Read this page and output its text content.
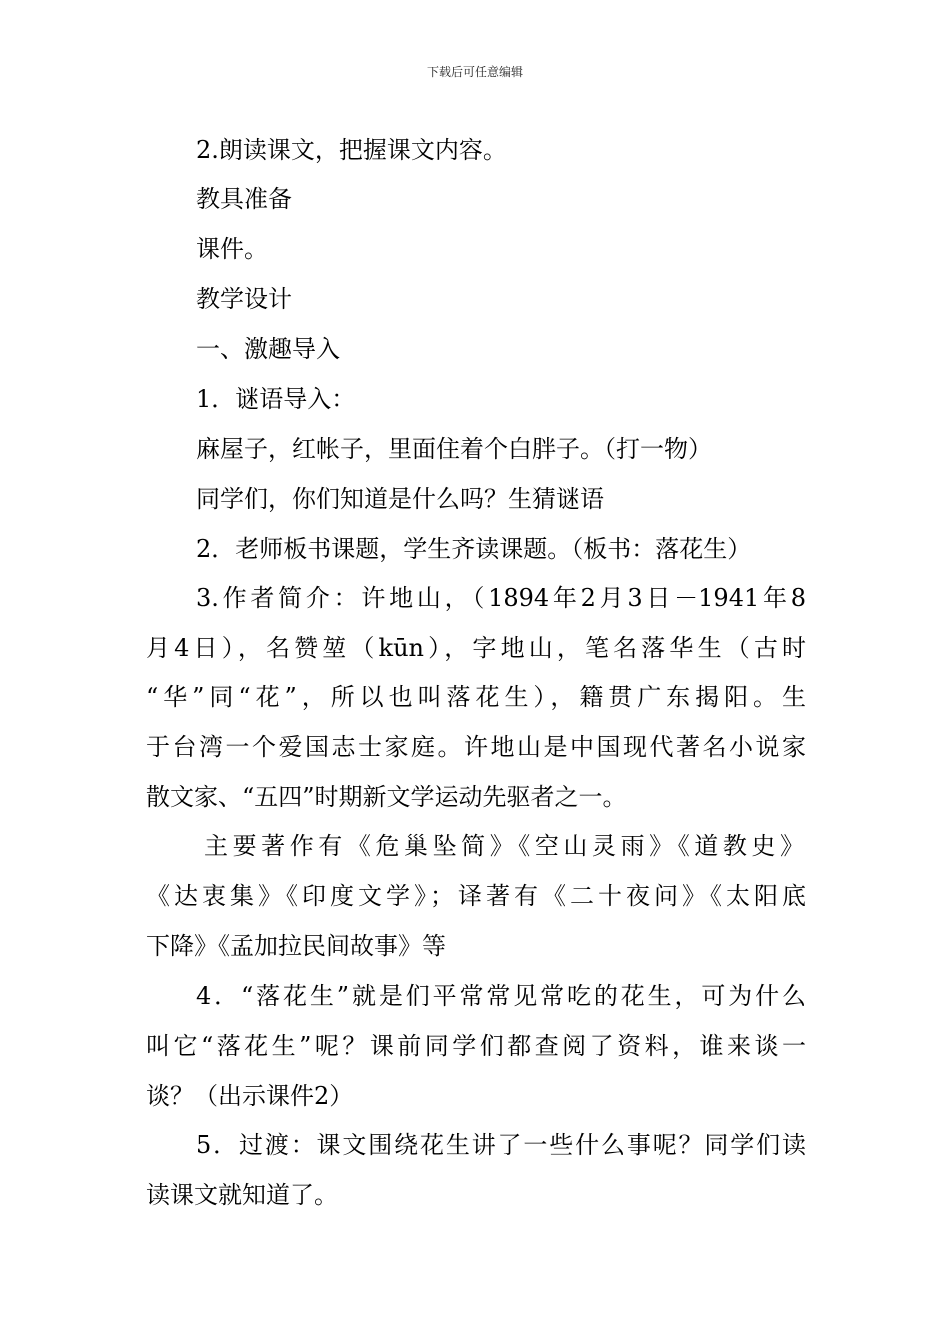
下载后可任意编辑
2.朗读课文，把握课文内容。
教具准备
课件。
教学设计
一、激趣导入
1．谜语导入：
麻屋子，红帐子，里面住着个白胖子。（打一物）
同学们，你们知道是什么吗？生猜谜语
2．老师板书课题，学生齐读课题。（板书：落花生）
3.作者简介：许地山，（1894年2月3日－1941年8
月4日），名赞堃（kūn），字地山，笔名落华生（古时
“华”同“花”，所以也叫落花生），籍贯广东揭阳。生
于台湾一个爱国志士家庭。许地山是中国现代著名小说家
散文家、“五四”时期新文学运动先驱者之一。
主要著作有《危巢坠简》《空山灵雨》《道教史》
《达衷集》《印度文学》；译著有《二十夜问》《太阳底
下降》《孟加拉民间故事》等
4．“落花生”就是们平常常见常吃的花生，可为什么
叫它“落花生”呢？课前同学们都查阅了资料，谁来谈一
谈？（出示课件2）
5．过渡：课文围绕花生讲了一些什么事呢？同学们读
读课文就知道了。
